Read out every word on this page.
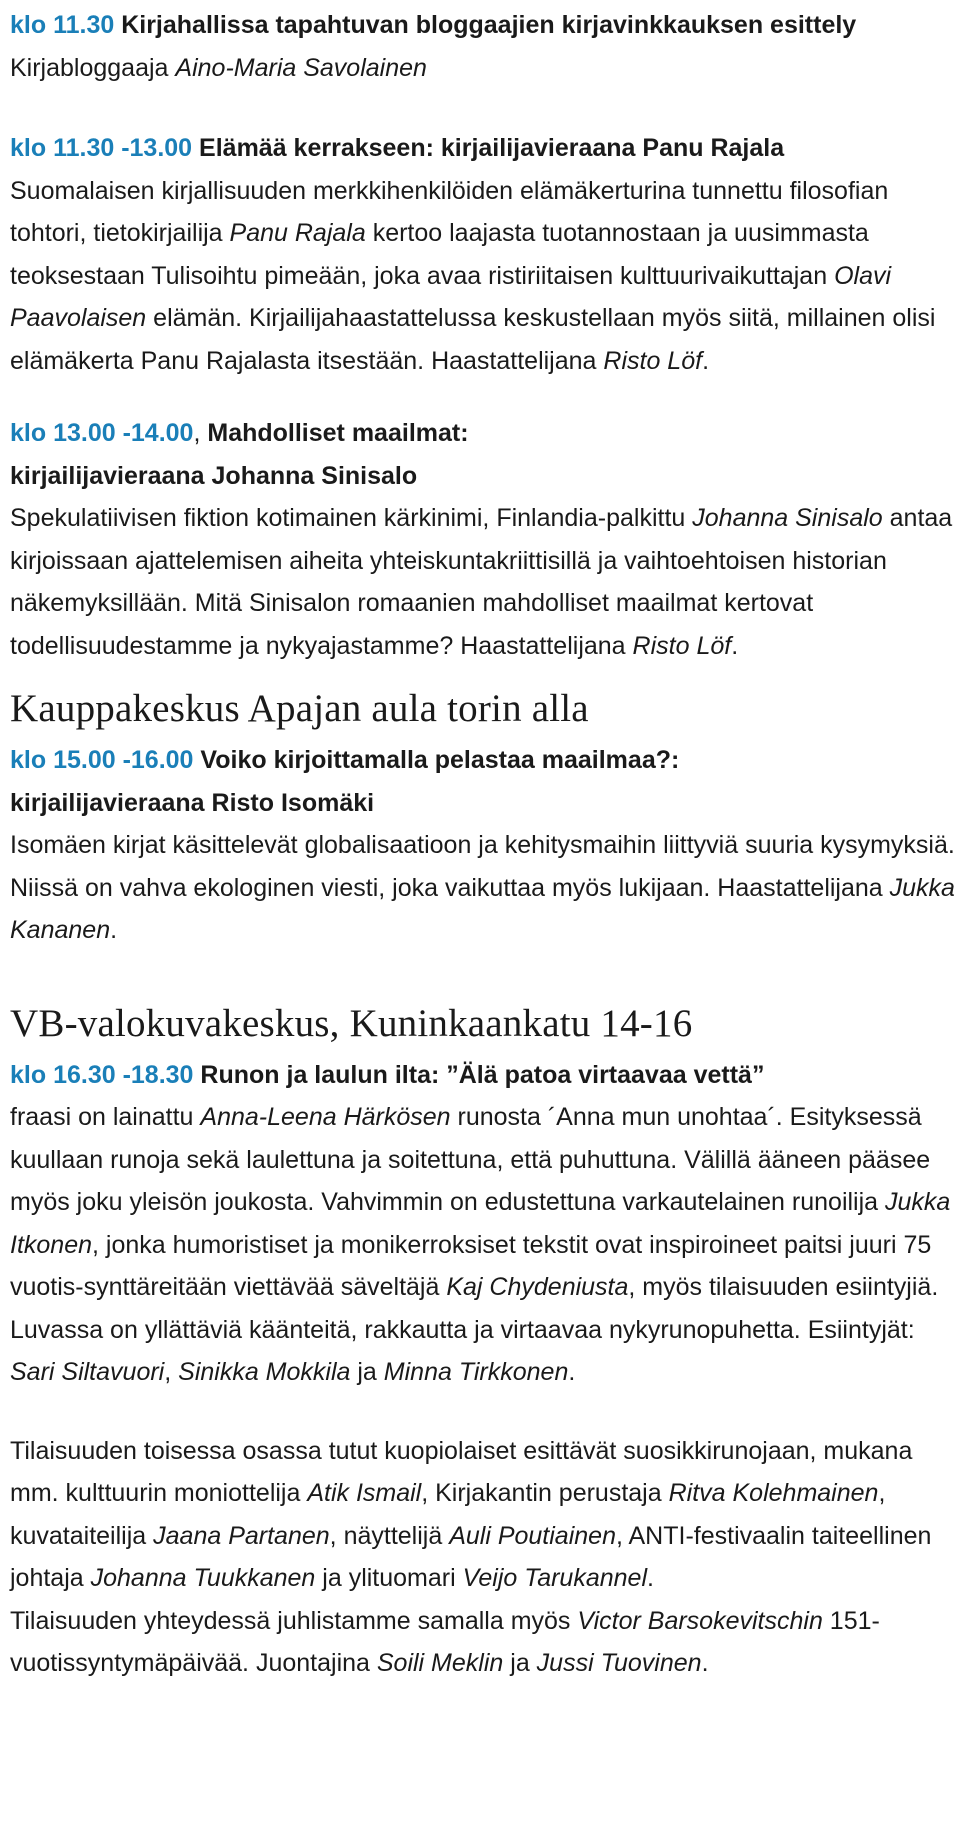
klo 11.30 Kirjahallissa tapahtuvan bloggaajien kirjavinkkauksen esittely

Kirjabloggaaja Aino-Maria Savolainen

klo 11.30 -13.00 Elämää kerrakseen: kirjailijavieraana Panu Rajala

Suomalaisen kirjallisuuden merkkihenkilöiden elämäkerturina tunnettu filosofian tohtori, tietokirjailija Panu Rajala kertoo laajasta tuotannostaan ja uusimmasta teoksestaan Tulisoihtu pimeään, joka avaa ristiriitaisen kulttuurivaikuttajan Olavi Paavolaisen elämän. Kirjailijahaastattelussa keskustellaan myös siitä, millainen olisi elämäkerta Panu Rajalasta itsestään. Haastattelijana Risto Löf.

klo 13.00 -14.00, Mahdolliset maailmat:

kirjailijavieraana Johanna Sinisalo

Spekulatiivisen fiktion kotimainen kärkinimi, Finlandia-palkittu Johanna Sinisalo antaa kirjoissaan ajattelemisen aiheita yhteiskuntakriittisillä ja vaihtoehtoisen historian näkemyksillään. Mitä Sinisalon romaanien mahdolliset maailmat kertovat todellisuudestamme ja nykyajastamme? Haastattelijana Risto Löf.

Kauppakeskus Apajan aula torin alla

klo 15.00 -16.00 Voiko kirjoittamalla pelastaa maailmaa?:

kirjailijavieraana Risto Isomäki

Isomäen kirjat käsittelevät globalisaatioon ja kehitysmaihin liittyviä suuria kysymyksiä. Niissä on vahva ekologinen viesti, joka vaikuttaa myös lukijaan. Haastattelijana Jukka Kananen.

VB-valokuvakeskus, Kuninkaankatu 14-16

klo 16.30 -18.30 Runon ja laulun ilta: ”Älä patoa virtaavaa vettä”

fraasi on lainattu Anna-Leena Härkösen runosta ´Anna mun unohtaa´. Esityksessä kuullaan runoja sekä laulettuna ja soitettuna, että puhuttuna. Välillä ääneen pääsee myös joku yleisön joukosta. Vahvimmin on edustettuna varkautelainen runoilija Jukka Itkonen, jonka humoristiset ja monikerroksiset tekstit ovat inspiroineet paitsi juuri 75 vuotis-synttäreitään viettävää säveltäjä Kaj Chydeniusta, myös tilaisuuden esiintyjiä. Luvassa on yllättäviä käänteitä, rakkautta ja virtaavaa nykyrunopuhetta. Esiintyjät: Sari Siltavuori, Sinikka Mokkila ja Minna Tirkkonen.

Tilaisuuden toisessa osassa tutut kuopiolaiset esittävät suosikkirunojaan, mukana mm. kulttuurin moniottelija Atik Ismail, Kirjakantin perustaja Ritva Kolehmainen, kuvataiteilija Jaana Partanen, näyttelijä Auli Poutiainen, ANTI-festivaalin taiteellinen johtaja Johanna Tuukkanen ja ylituomari Veijo Tarukannel.

Tilaisuuden yhteydessä juhlistamme samalla myös Victor Barsokevitschin 151-vuotissyntymäpäivää. Juontajina Soili Meklin ja Jussi Tuovinen.
